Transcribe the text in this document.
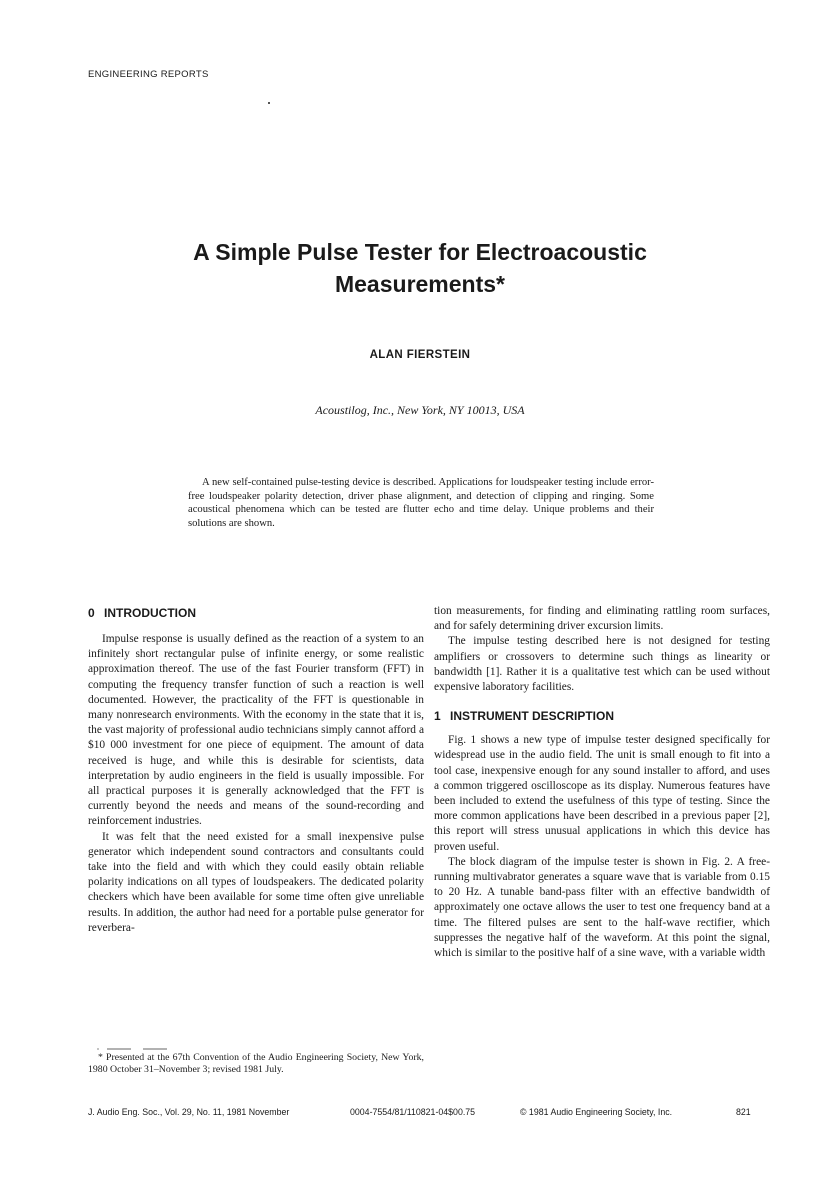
ENGINEERING REPORTS
A Simple Pulse Tester for Electroacoustic Measurements*
ALAN FIERSTEIN
Acoustilog, Inc., New York, NY 10013, USA

A new self-contained pulse-testing device is described. Applications for loudspeaker testing include error-free loudspeaker polarity detection, driver phase alignment, and detection of clipping and ringing. Some acoustical phenomena which can be tested are flutter echo and time delay. Unique problems and their solutions are shown.

0 INTRODUCTION

Impulse response is usually defined as the reaction of a system to an infinitely short rectangular pulse of infinite energy, or some realistic approximation thereof. The use of the fast Fourier transform (FFT) in computing the frequency transfer function of such a reaction is well documented. However, the practicality of the FFT is questionable in many nonresearch environments. With the economy in the state that it is, the vast majority of professional audio technicians simply cannot afford a $10 000 investment for one piece of equipment. The amount of data received is huge, and while this is desirable for scientists, data interpretation by audio engineers in the field is usually impossible. For all practical purposes it is generally acknowledged that the FFT is currently beyond the needs and means of the sound-recording and reinforcement industries.

It was felt that the need existed for a small inexpensive pulse generator which independent sound contractors and consultants could take into the field and with which they could easily obtain reliable polarity indications on all types of loudspeakers. The dedicated polarity checkers which have been available for some time often give unreliable results. In addition, the author had need for a portable pulse generator for reverbera-

tion measurements, for finding and eliminating rattling room surfaces, and for safely determining driver excursion limits.

The impulse testing described here is not designed for testing amplifiers or crossovers to determine such things as linearity or bandwidth [1]. Rather it is a qualitative test which can be used without expensive laboratory facilities.

1 INSTRUMENT DESCRIPTION

Fig. 1 shows a new type of impulse tester designed specifically for widespread use in the audio field. The unit is small enough to fit into a tool case, inexpensive enough for any sound installer to afford, and uses a common triggered oscilloscope as its display. Numerous features have been included to extend the usefulness of this type of testing. Since the more common applications have been described in a previous paper [2], this report will stress unusual applications in which this device has proven useful.

The block diagram of the impulse tester is shown in Fig. 2. A free-running multivabrator generates a square wave that is variable from 0.15 to 20 Hz. A tunable band-pass filter with an effective bandwidth of approximately one octave allows the user to test one frequency band at a time. The filtered pulses are sent to the half-wave rectifier, which suppresses the negative half of the waveform. At this point the signal, which is similar to the positive half of a sine wave, with a variable width

* Presented at the 67th Convention of the Audio Engineering Society, New York, 1980 October 31–November 3; revised 1981 July.

J. Audio Eng. Soc., Vol. 29, No. 11, 1981 November	0004-7554/81/110821-04$00.75	© 1981 Audio Engineering Society, Inc.	821
